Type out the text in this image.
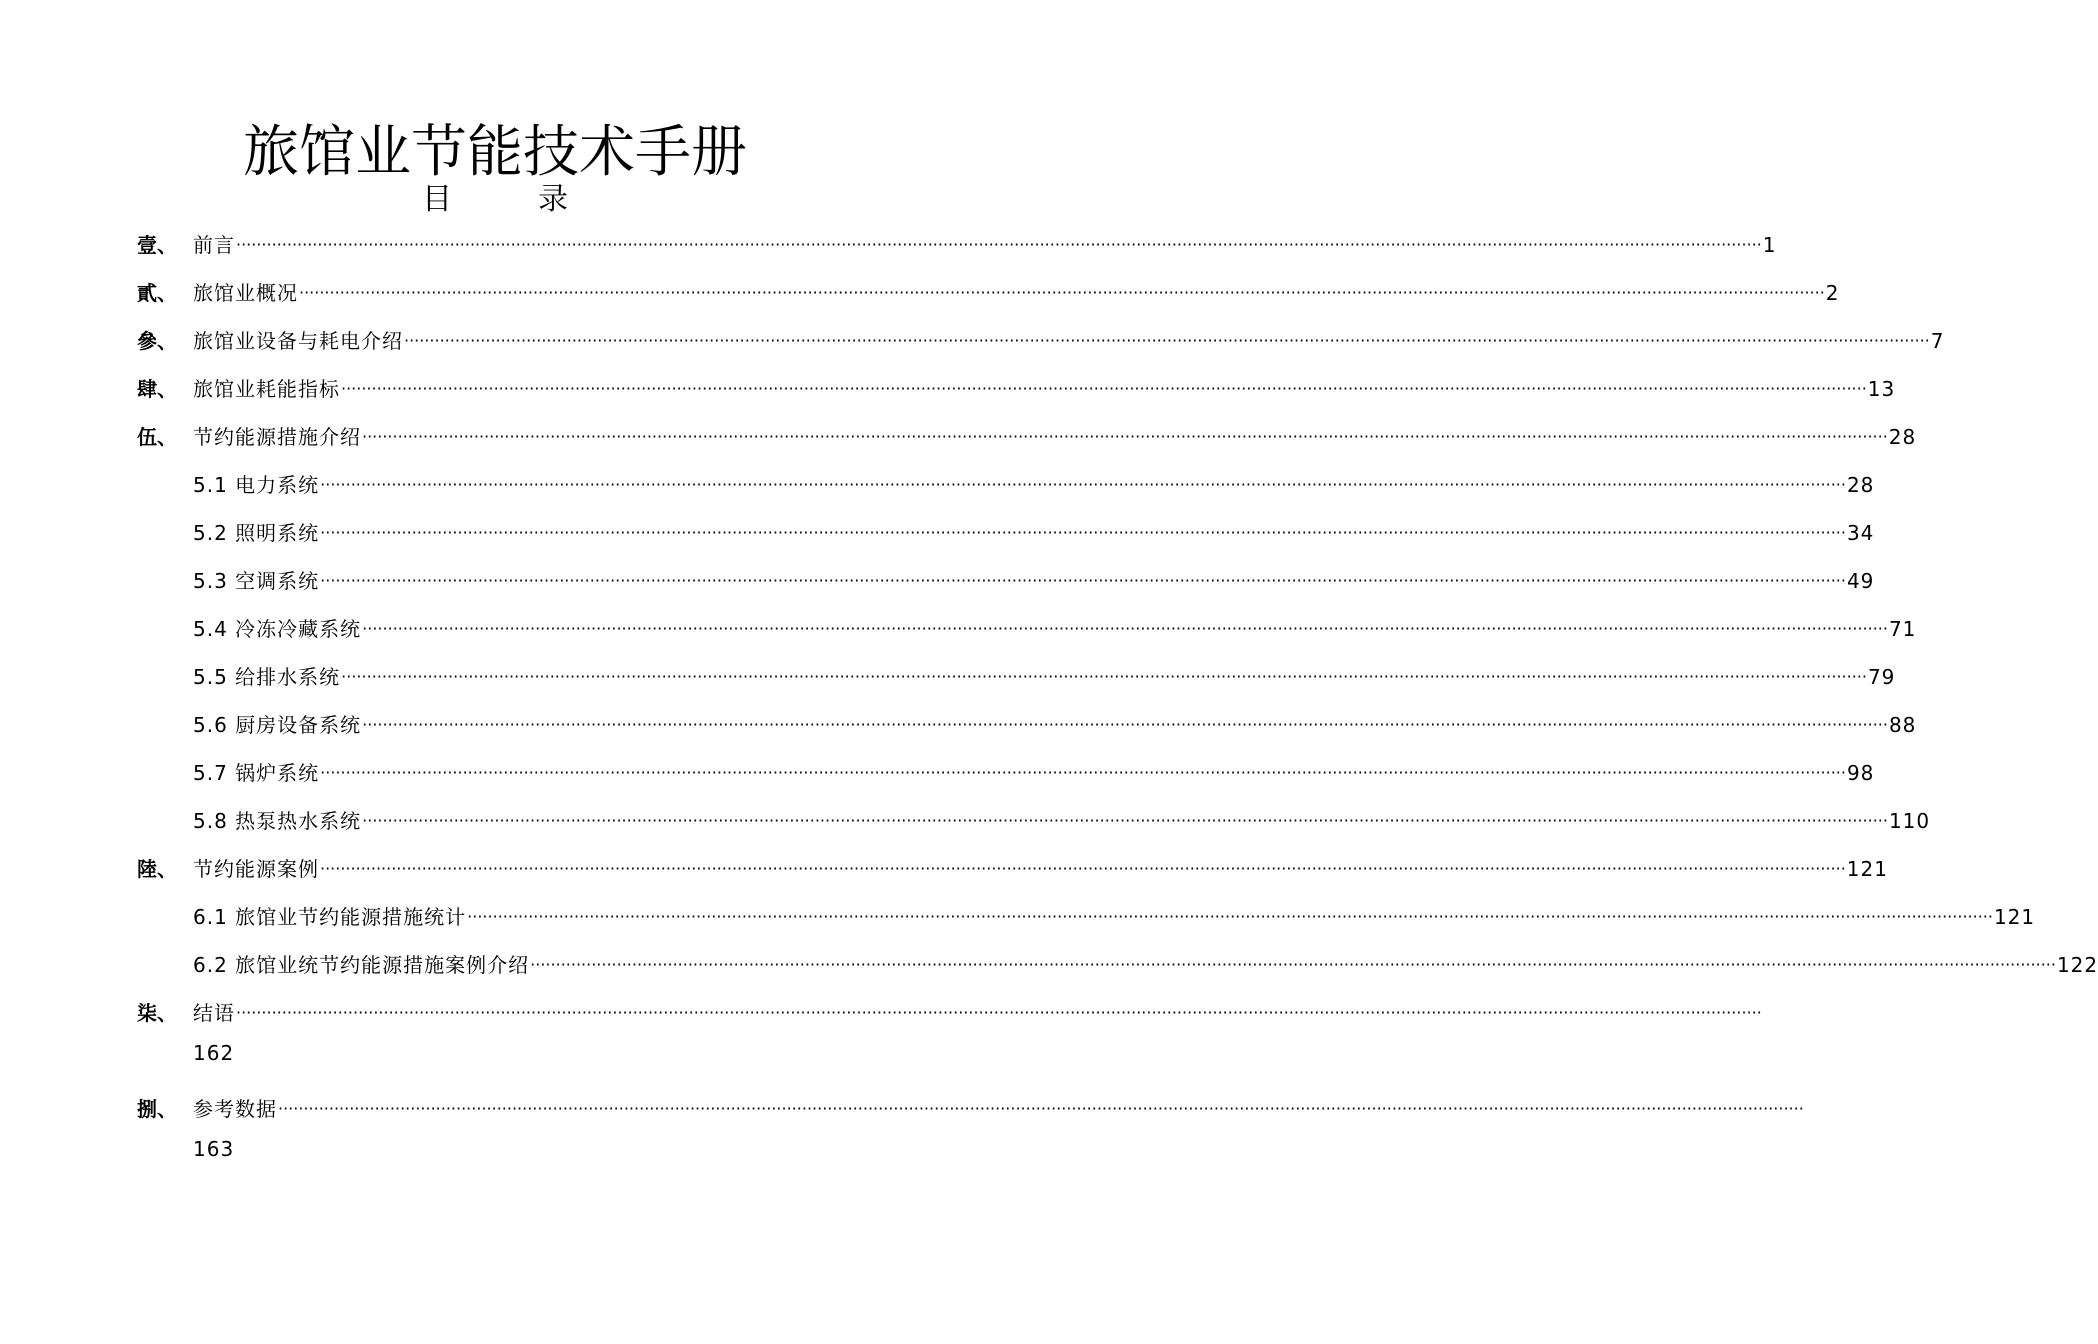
旅馆业节能技术手册
目	录
壹、 前言 ············································································································································································································································································································ 1
貳、 旅馆业概况 ············································································································································································································································································································ 2
參、 旅馆业设备与耗电介绍 ············································································································································································································································································································ 7
肆、 旅馆业耗能指标 ············································································································································································································································································································ 13
伍、 节约能源措施介绍 ············································································································································································································································································································ 28
5.1 电力系统 ············································································································································································································································································································ 28
5.2 照明系统 ············································································································································································································································································································ 34
5.3 空调系统 ············································································································································································································································································································ 49
5.4 冷冻冷藏系统 ············································································································································································································································································································ 71
5.5 给排水系统 ············································································································································································································································································································ 79
5.6 厨房设备系统 ············································································································································································································································································································ 88
5.7 锅炉系统 ············································································································································································································································································································ 98
5.8 热泵热水系统 ············································································································································································································································································································ 110
陸、 节约能源案例 ············································································································································································································································································································ 121
6.1 旅馆业节约能源措施统计 ············································································································································································································································································································ 121
6.2 旅馆业统节约能源措施案例介绍 ············································································································································································································································································································ 122
柒、 结语 ············································································································································································································································································································
162
捌、 参考数据 ············································································································································································································································································································
163
